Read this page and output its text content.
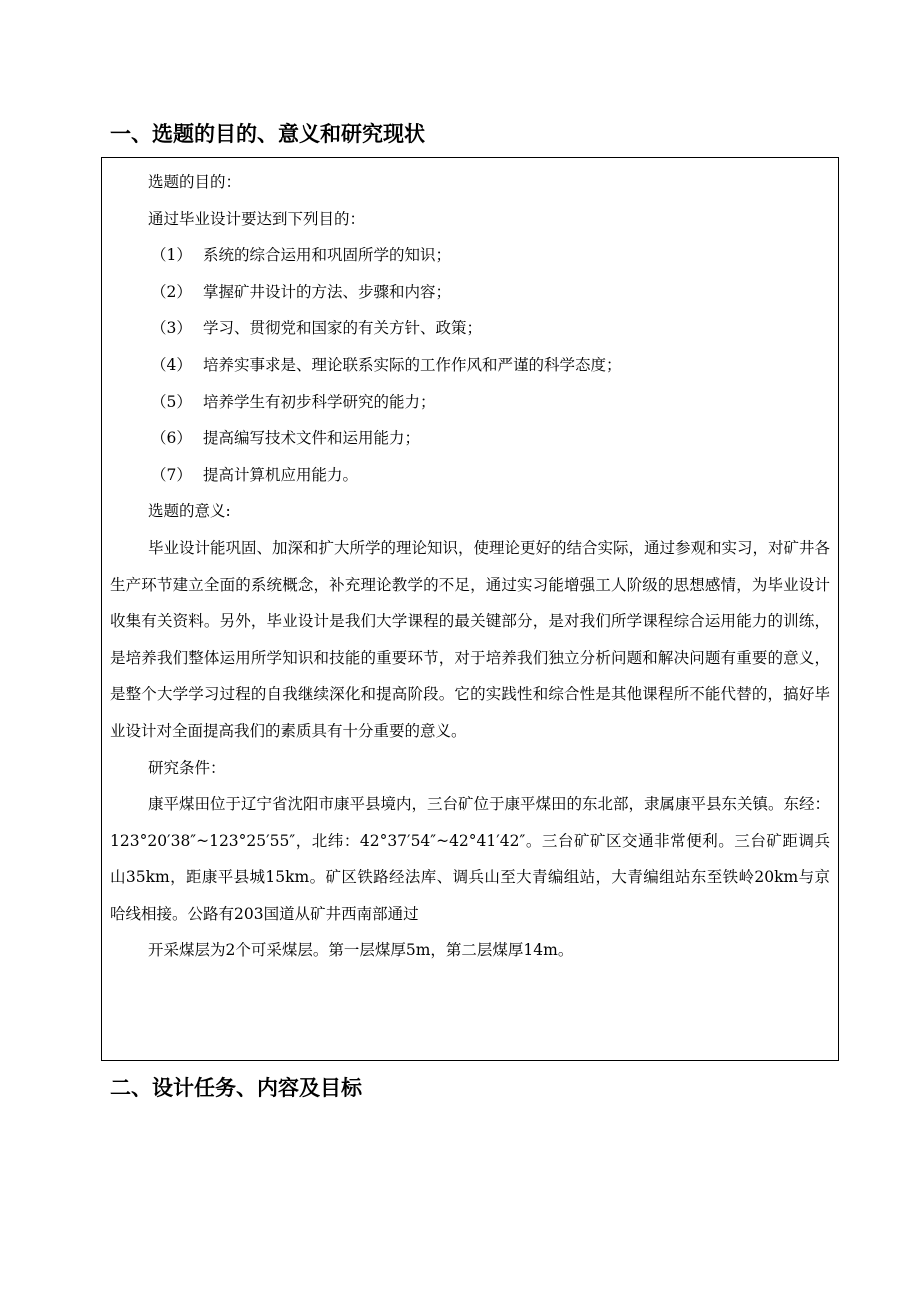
一、选题的目的、意义和研究现状

选题的目的：

通过毕业设计要达到下列目的：

（1） 系统的综合运用和巩固所学的知识；

（2） 掌握矿井设计的方法、步骤和内容；

（3） 学习、贯彻党和国家的有关方针、政策；

（4） 培养实事求是、理论联系实际的工作作风和严谨的科学态度；

（5） 培养学生有初步科学研究的能力；

（6） 提高编写技术文件和运用能力；

（7） 提高计算机应用能力。

选题的意义:

毕业设计能巩固、加深和扩大所学的理论知识，使理论更好的结合实际，通过参观和实习，对矿井各生产环节建立全面的系统概念，补充理论教学的不足，通过实习能增强工人阶级的思想感情，为毕业设计收集有关资料。另外，毕业设计是我们大学课程的最关键部分，是对我们所学课程综合运用能力的训练，是培养我们整体运用所学知识和技能的重要环节，对于培养我们独立分析问题和解决问题有重要的意义，是整个大学学习过程的自我继续深化和提高阶段。它的实践性和综合性是其他课程所不能代替的，搞好毕业设计对全面提高我们的素质具有十分重要的意义。

研究条件：

康平煤田位于辽宁省沈阳市康平县境内，三台矿位于康平煤田的东北部，隶属康平县东关镇。东经：123°20′38″~123°25′55″，北纬：42°37′54″~42°41′42″。三台矿矿区交通非常便利。三台矿距调兵山35km，距康平县城15km。矿区铁路经法库、调兵山至大青编组站，大青编组站东至铁岭20km与京哈线相接。公路有203国道从矿井西南部通过

开采煤层为2个可采煤层。第一层煤厚5m，第二层煤厚14m。

二、设计任务、内容及目标
